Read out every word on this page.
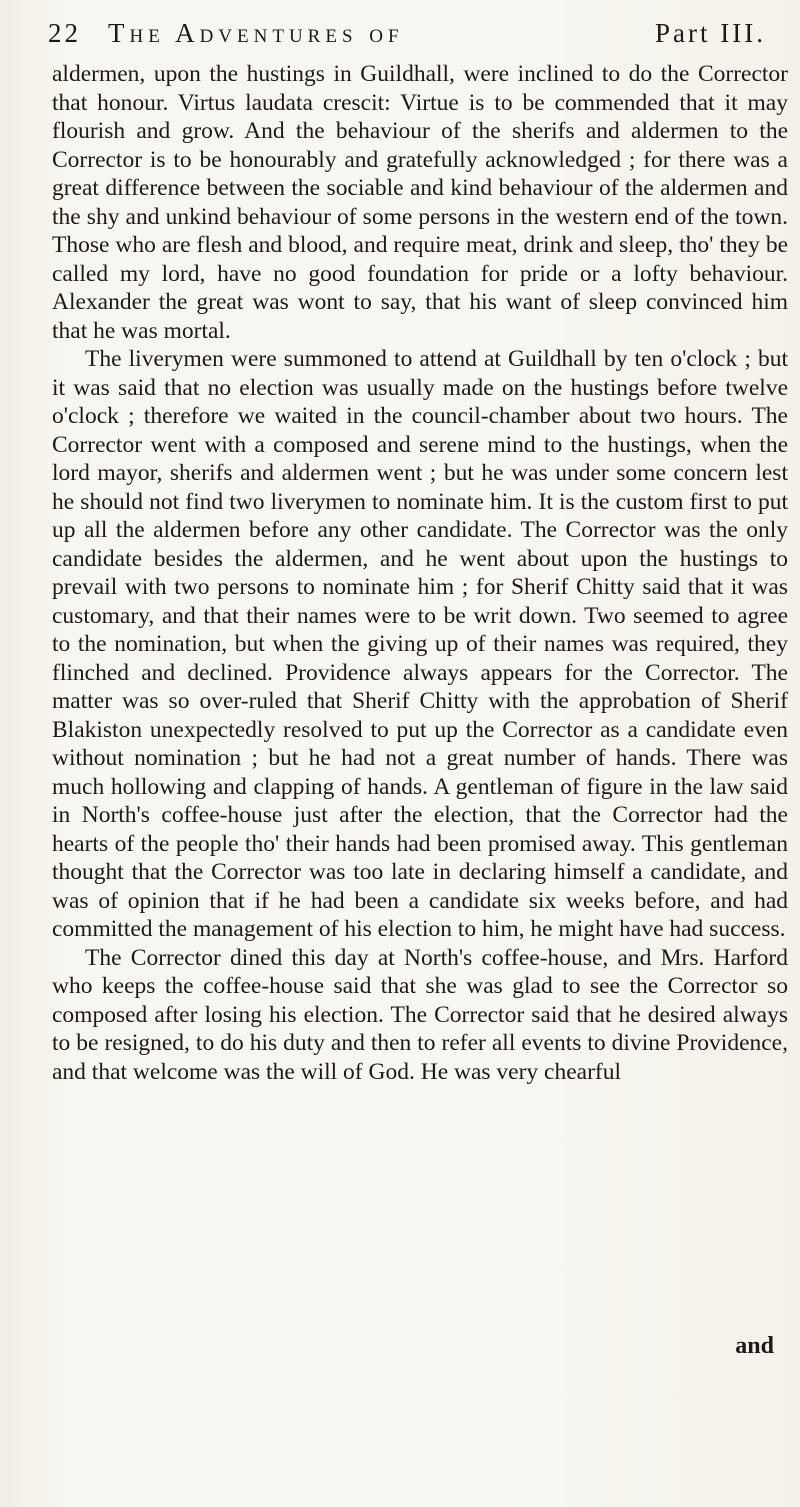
22 The Adventures of	Part III.

aldermen, upon the hustings in Guildhall, were inclined to do the Corrector that honour. Virtus laudata crescit: Virtue is to be commended that it may flourish and grow. And the behaviour of the sherifs and aldermen to the Corrector is to be honourably and gratefully acknowledged ; for there was a great difference between the sociable and kind behaviour of the aldermen and the shy and unkind behaviour of some persons in the western end of the town. Those who are flesh and blood, and require meat, drink and sleep, tho' they be called my lord, have no good foundation for pride or a lofty behaviour. Alexander the great was wont to say, that his want of sleep convinced him that he was mortal.

The liverymen were summoned to attend at Guildhall by ten o'clock ; but it was said that no election was usually made on the hustings before twelve o'clock ; therefore we waited in the council-chamber about two hours. The Corrector went with a composed and serene mind to the hustings, when the lord mayor, sherifs and aldermen went ; but he was under some concern lest he should not find two liverymen to nominate him. It is the custom first to put up all the aldermen before any other candidate. The Corrector was the only candidate besides the aldermen, and he went about upon the hustings to prevail with two persons to nominate him ; for Sherif Chitty said that it was customary, and that their names were to be writ down. Two seemed to agree to the nomination, but when the giving up of their names was required, they flinched and declined. Providence always appears for the Corrector. The matter was so over-ruled that Sherif Chitty with the approbation of Sherif Blakiston unexpectedly resolved to put up the Corrector as a candidate even without nomination ; but he had not a great number of hands. There was much hollowing and clapping of hands. A gentleman of figure in the law said in North's coffee-house just after the election, that the Corrector had the hearts of the people tho' their hands had been promised away. This gentleman thought that the Corrector was too late in declaring himself a candidate, and was of opinion that if he had been a candidate six weeks before, and had committed the management of his election to him, he might have had success.

The Corrector dined this day at North's coffee-house, and Mrs. Harford who keeps the coffee-house said that she was glad to see the Corrector so composed after losing his election. The Corrector said that he desired always to be resigned, to do his duty and then to refer all events to divine Providence, and that welcome was the will of God. He was very chearful

and
